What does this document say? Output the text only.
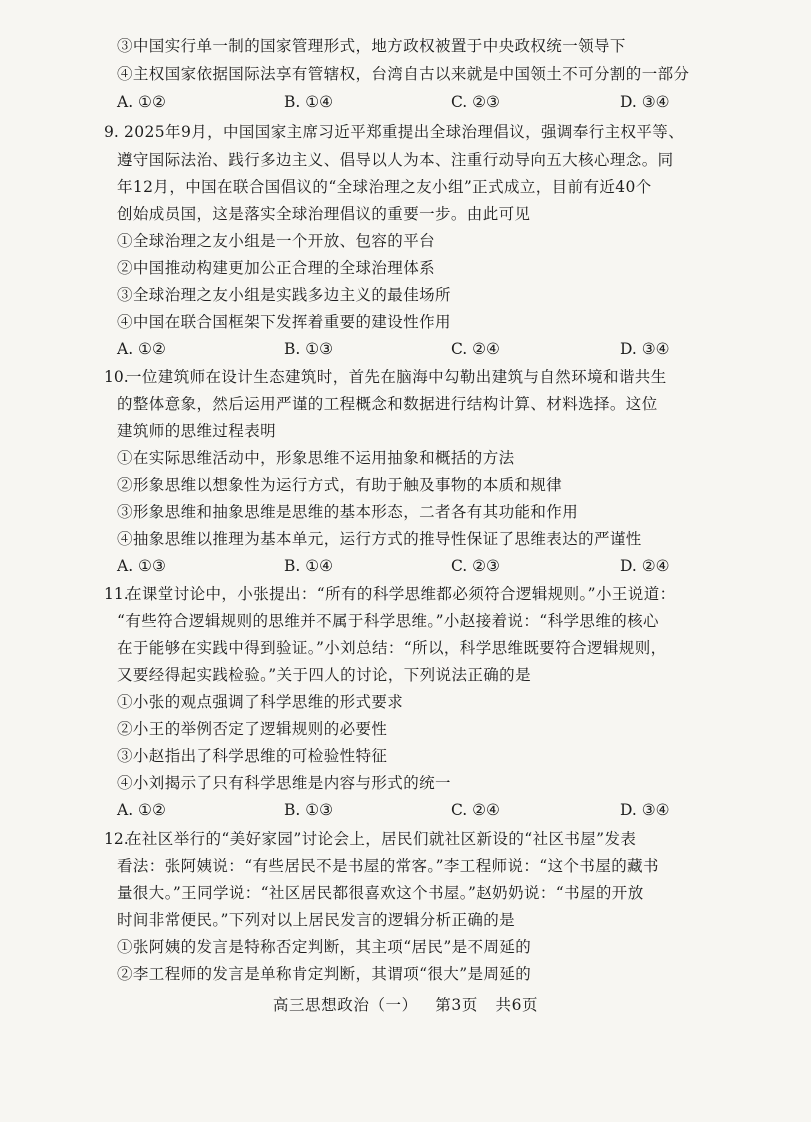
③中国实行单一制的国家管理形式，地方政权被置于中央政权统一领导下
④主权国家依据国际法享有管辖权，台湾自古以来就是中国领土不可分割的一部分
A. ①②	B. ①④	C. ②③	D. ③④
9. 2025年9月，中国国家主席习近平郑重提出全球治理倡议，强调奉行主权平等、
遵守国际法治、践行多边主义、倡导以人为本、注重行动导向五大核心理念。同
年12月，中国在联合国倡议的“全球治理之友小组”正式成立，目前有近40个
创始成员国，这是落实全球治理倡议的重要一步。由此可见
①全球治理之友小组是一个开放、包容的平台
②中国推动构建更加公正合理的全球治理体系
③全球治理之友小组是实践多边主义的最佳场所
④中国在联合国框架下发挥着重要的建设性作用
A. ①②	B. ①③	C. ②④	D. ③④
10.
一位建筑师在设计生态建筑时，首先在脑海中勾勒出建筑与自然环境和谐共生
的整体意象，然后运用严谨的工程概念和数据进行结构计算、材料选择。这位
建筑师的思维过程表明
①在实际思维活动中，形象思维不运用抽象和概括的方法
②形象思维以想象性为运行方式，有助于触及事物的本质和规律
③形象思维和抽象思维是思维的基本形态，二者各有其功能和作用
④抽象思维以推理为基本单元，运行方式的推导性保证了思维表达的严谨性
A. ①③	B. ①④	C. ②③	D. ②④
11.
在课堂讨论中，小张提出：“所有的科学思维都必须符合逻辑规则。”小王说道：
“有些符合逻辑规则的思维并不属于科学思维。”小赵接着说：“科学思维的核心
在于能够在实践中得到验证。”小刘总结：“所以，科学思维既要符合逻辑规则，
又要经得起实践检验。”关于四人的讨论，下列说法正确的是
①小张的观点强调了科学思维的形式要求
②小王的举例否定了逻辑规则的必要性
③小赵指出了科学思维的可检验性特征
④小刘揭示了只有科学思维是内容与形式的统一
A. ①②	B. ①③	C. ②④	D. ③④
12.
在社区举行的“美好家园”讨论会上，居民们就社区新设的“社区书屋”发表
看法：张阿姨说：“有些居民不是书屋的常客。”李工程师说：“这个书屋的藏书
量很大。”王同学说：“社区居民都很喜欢这个书屋。”赵奶奶说：“书屋的开放
时间非常便民。”下列对以上居民发言的逻辑分析正确的是
①张阿姨的发言是特称否定判断，其主项“居民”是不周延的
②李工程师的发言是单称肯定判断，其谓项“很大”是周延的
高三思想政治（一） 第3页 共6页
